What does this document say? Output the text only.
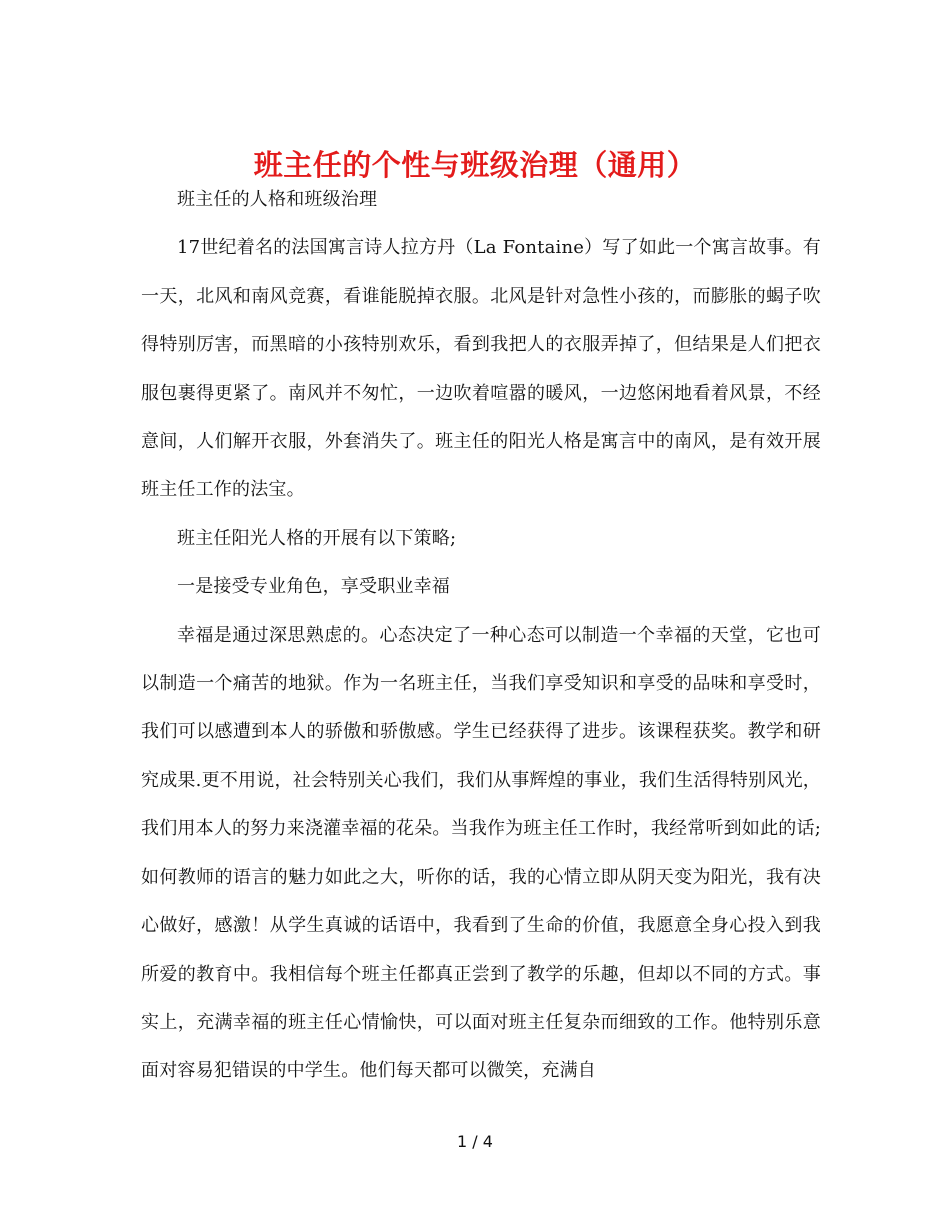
班主任的个性与班级治理（通用）

班主任的人格和班级治理

17世纪着名的法国寓言诗人拉方丹（La Fontaine）写了如此一个寓言故事。有一天，北风和南风竞赛，看谁能脱掉衣服。北风是针对急性小孩的，而膨胀的蝎子吹得特别厉害，而黑暗的小孩特别欢乐，看到我把人的衣服弄掉了，但结果是人们把衣服包裹得更紧了。南风并不匆忙，一边吹着喧嚣的暖风，一边悠闲地看着风景，不经意间，人们解开衣服，外套消失了。班主任的阳光人格是寓言中的南风，是有效开展班主任工作的法宝。

班主任阳光人格的开展有以下策略;

一是接受专业角色，享受职业幸福

幸福是通过深思熟虑的。心态决定了一种心态可以制造一个幸福的天堂，它也可以制造一个痛苦的地狱。作为一名班主任，当我们享受知识和享受的品味和享受时，我们可以感遭到本人的骄傲和骄傲感。学生已经获得了进步。该课程获奖。教学和研究成果.更不用说，社会特别关心我们，我们从事辉煌的事业，我们生活得特别风光，我们用本人的努力来浇灌幸福的花朵。当我作为班主任工作时，我经常听到如此的话;如何教师的语言的魅力如此之大，听你的话，我的心情立即从阴天变为阳光，我有决心做好，感激！从学生真诚的话语中，我看到了生命的价值，我愿意全身心投入到我所爱的教育中。我相信每个班主任都真正尝到了教学的乐趣，但却以不同的方式。事实上，充满幸福的班主任心情愉快，可以面对班主任复杂而细致的工作。他特别乐意面对容易犯错误的中学生。他们每天都可以微笑，充满自

1 / 4
